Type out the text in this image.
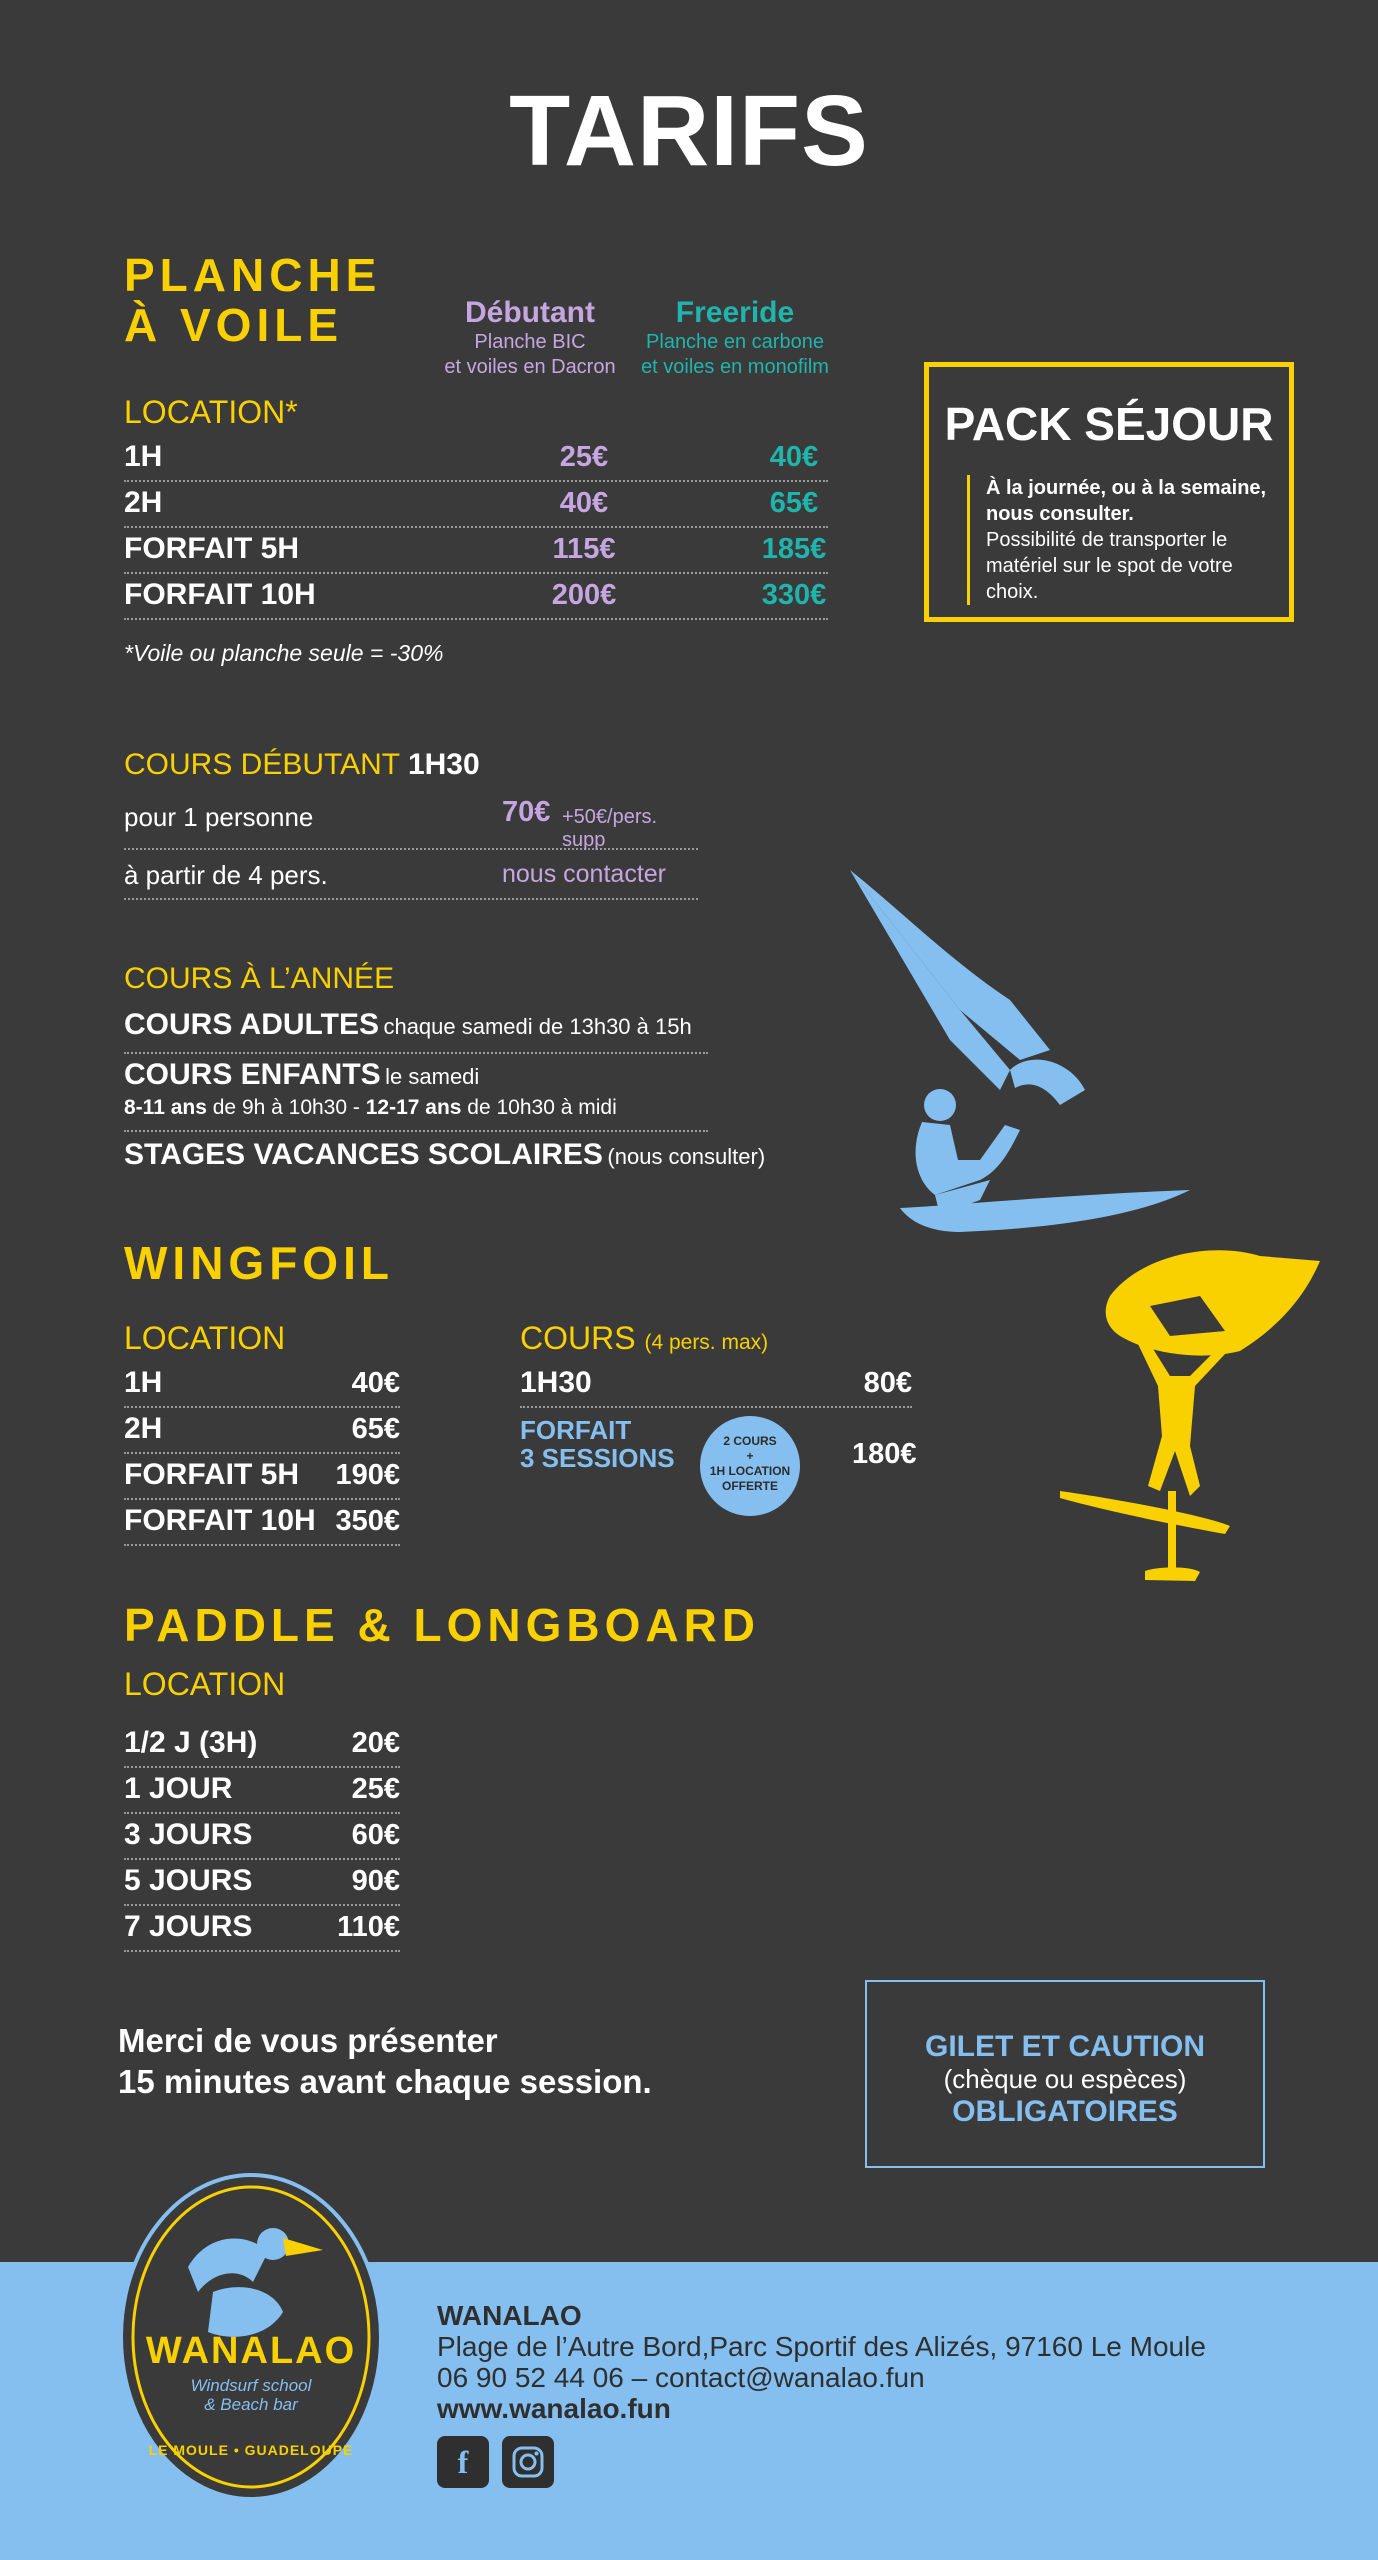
TARIFS
PLANCHE
À VOILE	Débutant
Planche BIC
et voiles en Dacron
Freeride
Planche en carbone
et voiles en monofilm
LOCATION*
1H	25€	40€
2H	40€	65€
FORFAIT 5H	115€	185€
FORFAIT 10H	200€	330€
*Voile ou planche seule = -30%
PACK SÉJOUR
À la journée, ou à la semaine, nous consulter.
Possibilité de transporter le matériel sur le spot de votre choix.
COURS DÉBUTANT 1H30
pour 1 personne	70€ +50€/pers. supp
à partir de 4 pers.	nous contacter
COURS À L’ANNÉE
COURS ADULTES chaque samedi de 13h30 à 15h
COURS ENFANTS le samedi
8-11 ans de 9h à 10h30 - 12-17 ans de 10h30 à midi
STAGES VACANCES SCOLAIRES (nous consulter)
WINGFOIL
LOCATION
1H	40€
2H	65€
FORFAIT 5H 190€
FORFAIT 10H 350€
COURS (4 pers. max)
1H30	80€
FORFAIT
3 SESSIONS
2 COURS
+
1H LOCATION
OFFERTE
180€
PADDLE & LONGBOARD
LOCATION
1/2 J (3H)	20€
1 JOUR	25€
3 JOURS	60€
5 JOURS	90€
7 JOURS	110€
Merci de vous présenter
15 minutes avant chaque session.
GILET ET CAUTION
(chèque ou espèces)
OBLIGATOIRES
WANALAO
Windsurf school
& Beach bar
LE MOULE • GUADELOUPE
WANALAO
Plage de l’Autre Bord,Parc Sportif des Alizés, 97160 Le Moule
06 90 52 44 06 – contact@wanalao.fun
www.wanalao.fun
f
